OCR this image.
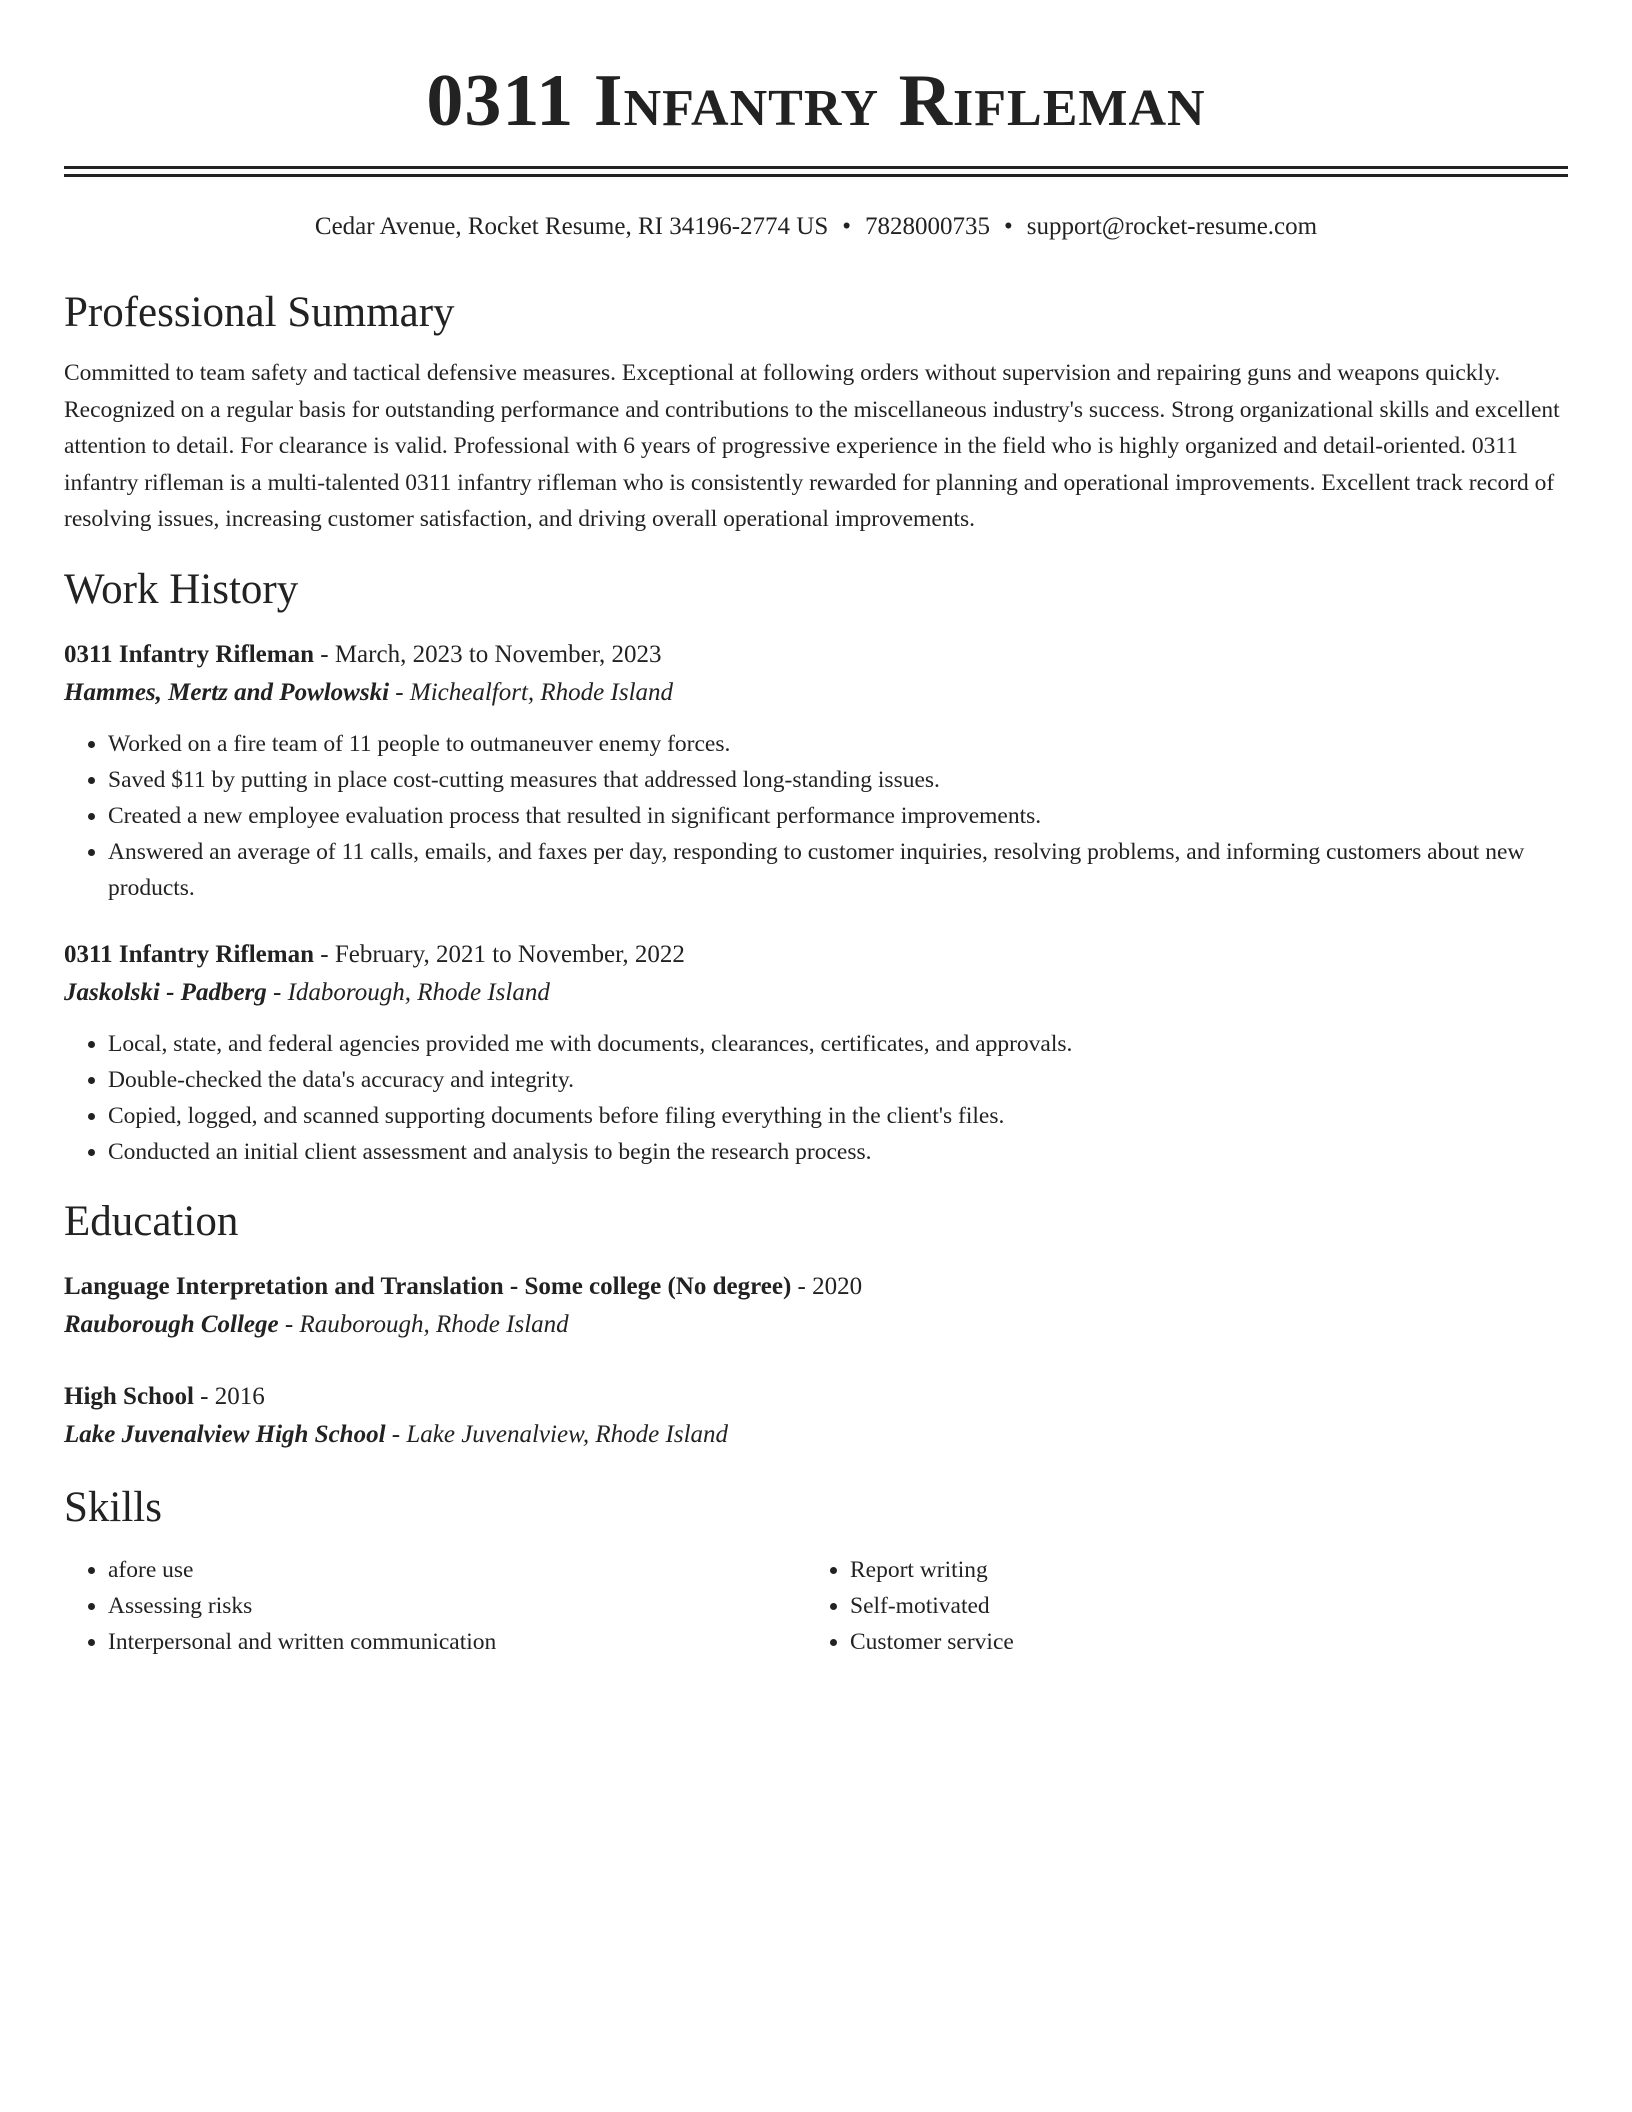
0311 Infantry Rifleman
Cedar Avenue, Rocket Resume, RI 34196-2774 US • 7828000735 • support@rocket-resume.com
Professional Summary
Committed to team safety and tactical defensive measures. Exceptional at following orders without supervision and repairing guns and weapons quickly. Recognized on a regular basis for outstanding performance and contributions to the miscellaneous industry's success. Strong organizational skills and excellent attention to detail. For clearance is valid. Professional with 6 years of progressive experience in the field who is highly organized and detail-oriented. 0311 infantry rifleman is a multi-talented 0311 infantry rifleman who is consistently rewarded for planning and operational improvements. Excellent track record of resolving issues, increasing customer satisfaction, and driving overall operational improvements.
Work History
0311 Infantry Rifleman - March, 2023 to November, 2023
Hammes, Mertz and Powlowski - Michealfort, Rhode Island
• Worked on a fire team of 11 people to outmaneuver enemy forces.
• Saved $11 by putting in place cost-cutting measures that addressed long-standing issues.
• Created a new employee evaluation process that resulted in significant performance improvements.
• Answered an average of 11 calls, emails, and faxes per day, responding to customer inquiries, resolving problems, and informing customers about new products.
0311 Infantry Rifleman - February, 2021 to November, 2022
Jaskolski - Padberg - Idaborough, Rhode Island
• Local, state, and federal agencies provided me with documents, clearances, certificates, and approvals.
• Double-checked the data's accuracy and integrity.
• Copied, logged, and scanned supporting documents before filing everything in the client's files.
• Conducted an initial client assessment and analysis to begin the research process.
Education
Language Interpretation and Translation - Some college (No degree) - 2020
Rauborough College - Rauborough, Rhode Island
High School - 2016
Lake Juvenalview High School - Lake Juvenalview, Rhode Island
Skills
• afore use
• Assessing risks
• Interpersonal and written communication
• Report writing
• Self-motivated
• Customer service
